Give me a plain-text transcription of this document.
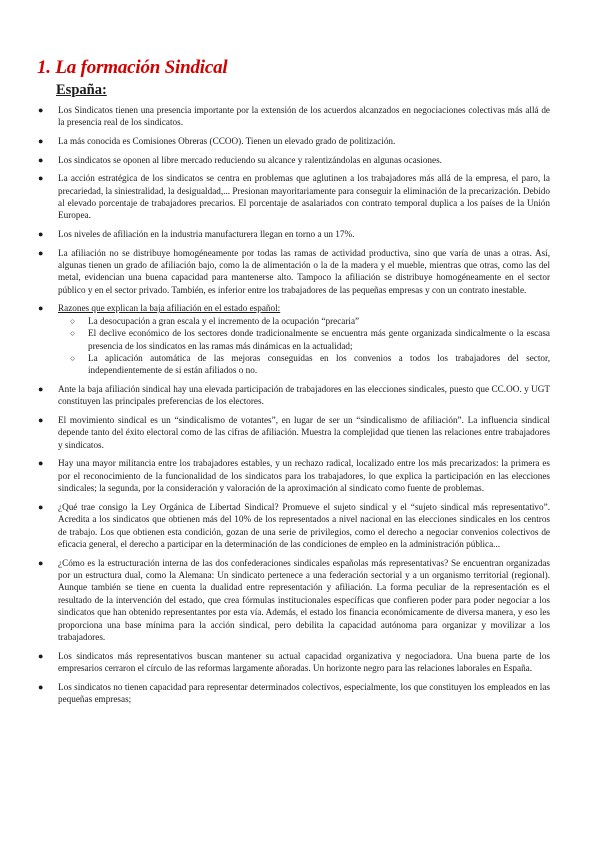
1. La formación Sindical
España:
● Los Sindicatos tienen una presencia importante por la extensión de los acuerdos alcanzados en negociaciones colectivas más allá de la presencia real de los sindicatos.
● La más conocida es Comisiones Obreras (CCOO). Tienen un elevado grado de politización.
● Los sindicatos se oponen al libre mercado reduciendo su alcance y ralentizándolas en algunas ocasiones.
● La acción estratégica de los sindicatos se centra en problemas que aglutinen a los trabajadores más allá de la empresa, el paro, la precariedad, la siniestralidad, la desigualdad,... Presionan mayoritariamente para conseguir la eliminación de la precarización. Debido al elevado porcentaje de trabajadores precarios. El porcentaje de asalariados con contrato temporal duplica a los países de la Unión Europea.
● Los niveles de afiliación en la industria manufacturera llegan en torno a un 17%.
● La afiliación no se distribuye homogéneamente por todas las ramas de actividad productiva, sino que varía de unas a otras. Así, algunas tienen un grado de afiliación bajo, como la de alimentación o la de la madera y el mueble, mientras que otras, como las del metal, evidencian una buena capacidad para mantenerse alto. Tampoco la afiliación se distribuye homogéneamente en el sector público y en el sector privado. También, es inferior entre los trabajadores de las pequeñas empresas y con un contrato inestable.
● Razones que explican la baja afiliación en el estado español:
○ La desocupación a gran escala y el incremento de la ocupación “precaria”
○ El declive económico de los sectores donde tradicionalmente se encuentra más gente organizada sindicalmente o la escasa presencia de los sindicatos en las ramas más dinámicas en la actualidad;
○ La aplicación automática de las mejoras conseguidas en los convenios a todos los trabajadores del sector, independientemente de si están afiliados o no.
● Ante la baja afiliación sindical hay una elevada participación de trabajadores en las elecciones sindicales, puesto que CC.OO. y UGT constituyen las principales preferencias de los electores.
● El movimiento sindical es un “sindicalismo de votantes”, en lugar de ser un “sindicalismo de afiliación”. La influencia sindical depende tanto del éxito electoral como de las cifras de afiliación. Muestra la complejidad que tienen las relaciones entre trabajadores y sindicatos.
● Hay una mayor militancia entre los trabajadores estables, y un rechazo radical, localizado entre los más precarizados: la primera es por el reconocimiento de la funcionalidad de los sindicatos para los trabajadores, lo que explica la participación en las elecciones sindicales; la segunda, por la consideración y valoración de la aproximación al sindicato como fuente de problemas.
● ¿Qué trae consigo la Ley Orgánica de Libertad Sindical? Promueve el sujeto sindical y el “sujeto sindical más representativo”. Acredita a los sindicatos que obtienen más del 10% de los representados a nivel nacional en las elecciones sindicales en los centros de trabajo. Los que obtienen esta condición, gozan de una serie de privilegios, como el derecho a negociar convenios colectivos de eficacia general, el derecho a participar en la determinación de las condiciones de empleo en la administración pública...
● ¿Cómo es la estructuración interna de las dos confederaciones sindicales españolas más representativas? Se encuentran organizadas por un estructura dual, como la Alemana: Un sindicato pertenece a una federación sectorial y a un organismo territorial (regional). Aunque también se tiene en cuenta la dualidad entre representación y afiliación. La forma peculiar de la representación es el resultado de la intervención del estado, que crea fórmulas institucionales específicas que confieren poder para poder negociar a los sindicatos que han obtenido representantes por esta vía. Además, el estado los financia económicamente de diversa manera, y eso les proporciona una base mínima para la acción sindical, pero debilita la capacidad autónoma para organizar y movilizar a los trabajadores.
● Los sindicatos más representativos buscan mantener su actual capacidad organizativa y negociadora. Una buena parte de los empresarios cerraron el círculo de las reformas largamente añoradas. Un horizonte negro para las relaciones laborales en España.
● Los sindicatos no tienen capacidad para representar determinados colectivos, especialmente, los que constituyen los empleados en las pequeñas empresas;
